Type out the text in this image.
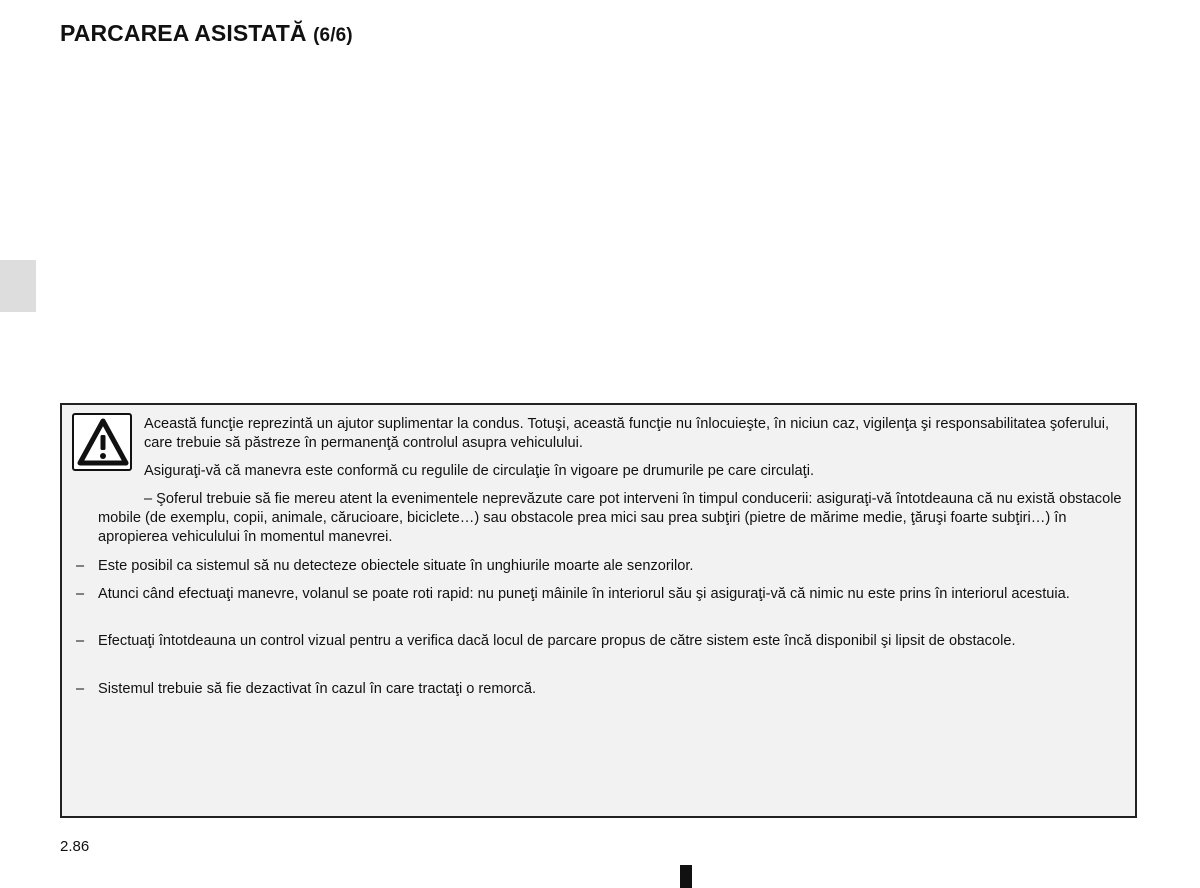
PARCAREA ASISTATĂ (6/6)
Această funcţie reprezintă un ajutor suplimentar la condus. Totuşi, această funcţie nu înlocuieşte, în niciun caz, vigilenţa şi responsabilitatea şoferului, care trebuie să păstreze în permanenţă controlul asupra vehiculului.
Asiguraţi-vă că manevra este conformă cu regulile de circulaţie în vigoare pe drumurile pe care circulaţi.
– Şoferul trebuie să fie mereu atent la evenimentele neprevăzute care pot interveni în timpul conducerii: asiguraţi-vă întotdeauna că nu există obstacole mobile (de exemplu, copii, animale, cărucioare, biciclete…) sau obstacole prea mici sau prea subţiri (pietre de mărime medie, ţăruşi foarte subţiri…) în apropierea vehiculului în momentul manevrei.
– Este posibil ca sistemul să nu detecteze obiectele situate în unghiurile moarte ale senzorilor.
– Atunci când efectuaţi manevre, volanul se poate roti rapid: nu puneţi mâinile în interiorul său şi asiguraţi-vă că nimic nu este prins în interiorul acestuia.
– Efectuaţi întotdeauna un control vizual pentru a verifica dacă locul de parcare propus de către sistem este încă disponibil şi lipsit de obstacole.
– Sistemul trebuie să fie dezactivat în cazul în care tractaţi o remorcă.
2.86
